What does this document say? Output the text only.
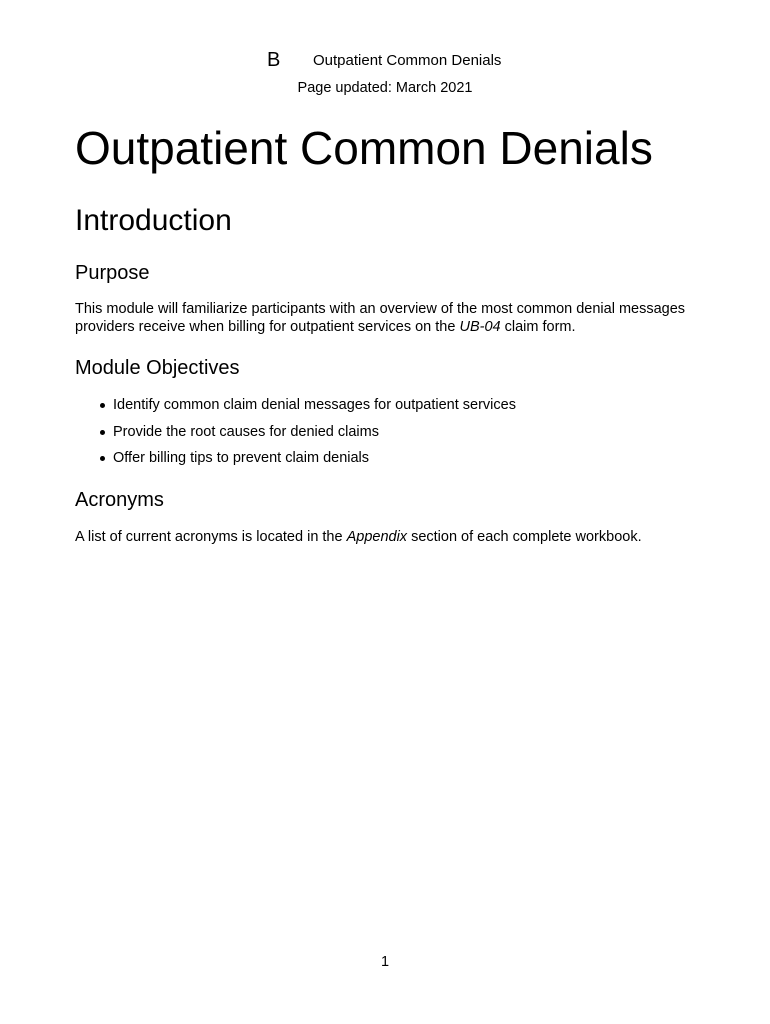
B Outpatient Common Denials
Page updated: March 2021
Outpatient Common Denials
Introduction
Purpose

This module will familiarize participants with an overview of the most common denial messages providers receive when billing for outpatient services on the UB-04 claim form.

Module Objectives
Identify common claim denial messages for outpatient services
Provide the root causes for denied claims
Offer billing tips to prevent claim denials
Acronyms

A list of current acronyms is located in the Appendix section of each complete workbook.

1
